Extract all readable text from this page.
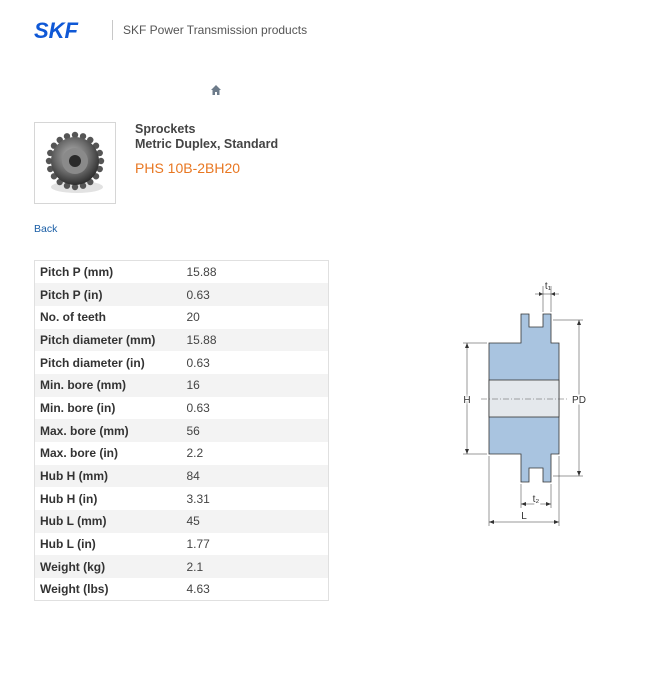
SKF	SKF Power Transmission products
Sprockets
Metric Duplex, Standard
PHS 10B-2BH20
Back
Pitch P (mm)	15.88
Pitch P (in)	0.63
No. of teeth	20
Pitch diameter (mm)	15.88
Pitch diameter (in)	0.63
Min. bore (mm)	16
Min. bore (in)	0.63
Max. bore (mm)	56
Max. bore (in)	2.2
Hub H (mm)	84
Hub H (in)	3.31
Hub L (mm)	45
Hub L (in)	1.77
Weight (kg)	2.1
Weight (lbs)	4.63
t₁
H	PD
t₂
L
